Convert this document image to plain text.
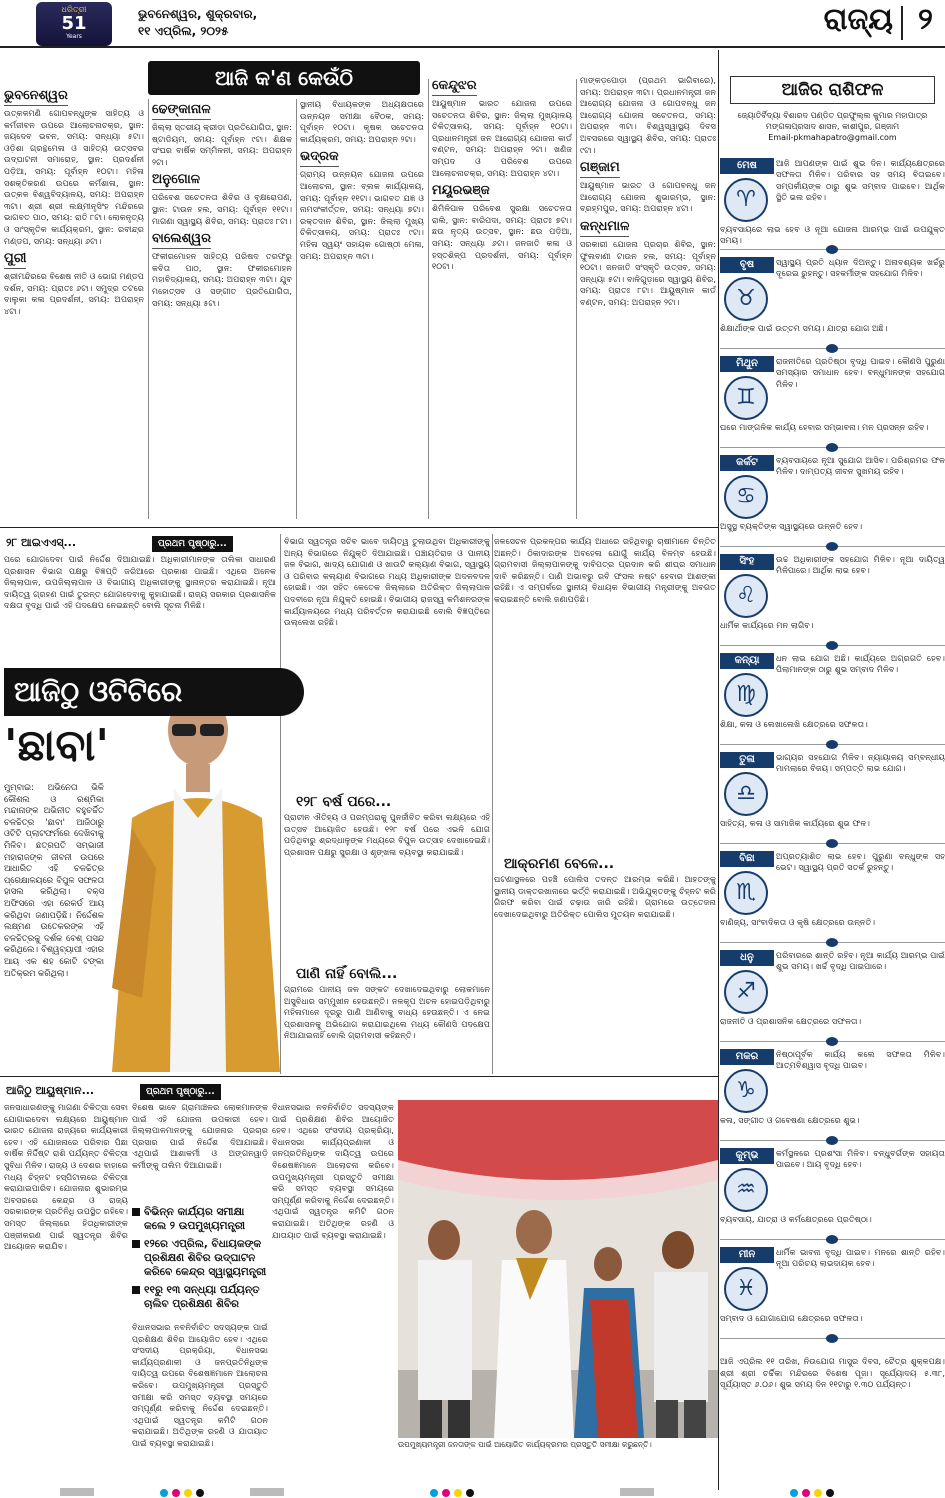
ଧରିତ୍ରୀ
51
Years
ଭୁବନେଶ୍ୱର, ଶୁକ୍ରବାର,
୧୧ ଏପ୍ରିଲ, ୨୦୨୫	ରାଜ୍ୟ ୨
ଆଜି କ'ଣ କେଉଁଠି
ଭୁବନେଶ୍ୱର

ଉତ୍କଳମଣି ଗୋପବନ୍ଧୁଙ୍କ ସାହିତ୍ୟ ଓ କର୍ମଜୀବନ ଉପରେ ଆଲୋଚନାଚକ୍ର, ସ୍ଥାନ: ଜୟଦେବ ଭବନ, ସମୟ: ସନ୍ଧ୍ୟା ୫ଟା। ଓଡ଼ିଶା ଗ୍ରନ୍ଥମେଳା ଓ ସାହିତ୍ୟ ଉତ୍ସବର ଉଦ୍‌ଘାଟନୀ ସମାରୋହ, ସ୍ଥାନ: ପ୍ରଦର୍ଶନୀ ପଡ଼ିଆ, ସମୟ: ପୂର୍ବାହ୍ନ ୧୦ଟା। ମହିଳା ସଶକ୍ତିକରଣ ଉପରେ କର୍ମଶାଳା, ସ୍ଥାନ: ଉତ୍କଳ ବିଶ୍ୱବିଦ୍ୟାଳୟ, ସମୟ: ଅପରାହ୍ନ ୩ଟା। ଶ୍ରୀ ଶ୍ରୀ ଲକ୍ଷ୍ମୀନୃସିଂହ ମନ୍ଦିରରେ ଭାଗବତ ପାଠ, ସମୟ: ରାତି ୮ଟା। ଲୋକନୃତ୍ୟ ଓ ସାଂସ୍କୃତିକ କାର୍ଯ୍ୟକ୍ରମ, ସ୍ଥାନ: ରବୀନ୍ଦ୍ର ମଣ୍ଡପ, ସମୟ: ସନ୍ଧ୍ୟା ୬ଟା।

ପୁରୀ

ଶ୍ରୀମନ୍ଦିରରେ ବିଶେଷ ନୀତି ଓ ଭୋଗ ମଣ୍ଡପ ଦର୍ଶନ, ସମୟ: ପ୍ରାତଃ ୬ଟା। ସମୁଦ୍ର ତଟରେ ବାଲୁକା କଳା ପ୍ରଦର୍ଶନୀ, ସମୟ: ଅପରାହ୍ନ ୪ଟା।

ଢେଙ୍କାନାଳ

ଜିଲ୍ଲା ସ୍ତରୀୟ କ୍ରୀଡ଼ା ପ୍ରତିଯୋଗିତା, ସ୍ଥାନ: ଷ୍ଟାଡିୟମ, ସମୟ: ପୂର୍ବାହ୍ନ ୯ଟା। ଶିକ୍ଷକ ସଂଘର ବାର୍ଷିକ ସମ୍ମିଳନୀ, ସମୟ: ଅପରାହ୍ନ ୨ଟା।

ଅନୁଗୋଳ

ପରିବେଶ ସଚେତନତା ଶିବିର ଓ ବୃକ୍ଷରୋପଣ, ସ୍ଥାନ: ଟାଉନ ହଲ, ସମୟ: ପୂର୍ବାହ୍ନ ୧୧ଟା। ମାଗଣା ସ୍ୱାସ୍ଥ୍ୟ ଶିବିର, ସମୟ: ପ୍ରାତଃ ୮ଟା।

ବାଲେଶ୍ୱର

ଫକୀରମୋହନ ସାହିତ୍ୟ ପରିଷଦ ତରଫରୁ କବିତା ପାଠ, ସ୍ଥାନ: ଫକୀରମୋହନ ମହାବିଦ୍ୟାଳୟ, ସମୟ: ଅପରାହ୍ନ ୩ଟା। ଯୁବ ମହୋତ୍ସବ ଓ ସଙ୍ଗୀତ ପ୍ରତିଯୋଗିତା, ସମୟ: ସନ୍ଧ୍ୟା ୫ଟା।

ସ୍ଥାନୀୟ ବିଧାୟକଙ୍କ ଅଧ୍ୟକ୍ଷତାରେ ଉନ୍ନୟନ ସମୀକ୍ଷା ବୈଠକ, ସମୟ: ପୂର୍ବାହ୍ନ ୧୦ଟା। କୃଷକ ସଚେତନତା କାର୍ଯ୍ୟକ୍ରମ, ସମୟ: ଅପରାହ୍ନ ୨ଟା।

ଭଦ୍ରକ

ଗ୍ରାମ୍ୟ ଉନ୍ନୟନ ଯୋଜନା ଉପରେ ଆଲୋଚନା, ସ୍ଥାନ: ବ୍ଲକ କାର୍ଯ୍ୟାଳୟ, ସମୟ: ପୂର୍ବାହ୍ନ ୧୧ଟା। ଭାଗବତ ଯଜ୍ଞ ଓ ନାମସଂକୀର୍ତ୍ତନ, ସମୟ: ସନ୍ଧ୍ୟା ୭ଟା। ରକ୍ତଦାନ ଶିବିର, ସ୍ଥାନ: ଜିଲ୍ଲା ମୁଖ୍ୟ ଚିକିତ୍ସାଳୟ, ସମୟ: ପ୍ରାତଃ ୯ଟା। ମହିଳା ସ୍ୱୟଂ ସହାୟକ ଗୋଷ୍ଠୀ ମେଳା, ସମୟ: ଅପରାହ୍ନ ୩ଟା।

କେନ୍ଦୁଝର

ଆୟୁଷ୍ମାନ ଭାରତ ଯୋଜନା ଉପରେ ସଚେତନତା ଶିବିର, ସ୍ଥାନ: ଜିଲ୍ଲା ମୁଖ୍ୟାଳୟ ଚିକିତ୍ସାଳୟ, ସମୟ: ପୂର୍ବାହ୍ନ ୧୦ଟା। ପ୍ରଧାନମନ୍ତ୍ରୀ ଜନ ଆରୋଗ୍ୟ ଯୋଜନା କାର୍ଡ ବଣ୍ଟନ, ସମୟ: ଅପରାହ୍ନ ୨ଟା। ଖଣିଜ ସମ୍ପଦ ଓ ପରିବେଶ ଉପରେ ଆଲୋଚନାଚକ୍ର, ସମୟ: ଅପରାହ୍ନ ୪ଟା।

ମୟୂରଭଞ୍ଜ

ଶିମିଳିପାଳ ପରିବେଶ ସୁରକ୍ଷା ସଚେତନତା ରାଲି, ସ୍ଥାନ: ବାରିପଦା, ସମୟ: ପ୍ରାତଃ ୭ଟା। ଛଉ ନୃତ୍ୟ ଉତ୍ସବ, ସ୍ଥାନ: ଛଉ ପଡ଼ିଆ, ସମୟ: ସନ୍ଧ୍ୟା ୬ଟା। ଜନଜାତି କଳା ଓ ହସ୍ତଶିଳ୍ପ ପ୍ରଦର୍ଶନୀ, ସମୟ: ପୂର୍ବାହ୍ନ ୧୦ଟା।

ମାଙ୍କଡ଼ପୋଡ଼ା (ପ୍ରଥମ ଭାଗିବାରେ), ସମୟ: ଅପରାହ୍ନ ୩ଟା। ପ୍ରଧାନମନ୍ତ୍ରୀ ଜନ ଆରୋଗ୍ୟ ଯୋଜନା ଓ ଗୋପବନ୍ଧୁ ଜନ ଆରୋଗ୍ୟ ଯୋଜନା ସଚେତନତା, ସମୟ: ଅପରାହ୍ନ ୩ଟା। ବିଶ୍ୱସ୍ୱାସ୍ଥ୍ୟ ଦିବସ ଅବସରରେ ସ୍ୱାସ୍ଥ୍ୟ ଶିବିର, ସମୟ: ପ୍ରାତଃ ୯ଟା।

ଗଞ୍ଜାମ

ଆୟୁଷ୍ମାନ ଭାରତ ଓ ଗୋପବନ୍ଧୁ ଜନ ଆରୋଗ୍ୟ ଯୋଜନା ଶୁଭାରମ୍ଭ, ସ୍ଥାନ: ବ୍ରହ୍ମପୁର, ସମୟ: ଅପରାହ୍ନ ୪ଟା।

କନ୍ଧମାଳ

ସରକାରୀ ଯୋଜନା ପ୍ରଚାର ଶିବିର, ସ୍ଥାନ: ଫୁଲବାଣୀ ଟାଉନ ହଲ, ସମୟ: ପୂର୍ବାହ୍ନ ୧୦ଟା। ଜନଜାତି ସଂସ୍କୃତି ଉତ୍ସବ, ସମୟ: ସନ୍ଧ୍ୟା ୫ଟା। ବାଳିଗୁଡ଼ାରେ ସ୍ୱାସ୍ଥ୍ୟ ଶିବିର, ସମୟ: ପ୍ରାତଃ ୮ଟା। ଆୟୁଷ୍ମାନ କାର୍ଡ ବଣ୍ଟନ, ସମୟ: ଅପରାହ୍ନ ୨ଟା।

୨୮ ଆଇଏଏସ୍...	ପ୍ରଥମ ପୃଷ୍ଠାରୁ...
ପରେ ଯୋଗଦେବା ପାଇଁ ନିର୍ଦ୍ଦେଶ ଦିଆଯାଇଛି। ଅଧିକାରୀମାନଙ୍କ ତାଲିକା ସାଧାରଣ ପ୍ରଶାସନ ବିଭାଗ ପକ୍ଷରୁ ବିଜ୍ଞପ୍ତି ଜରିଆରେ ପ୍ରକାଶ ପାଇଛି। ଏଥିରେ ଅନେକ ଜିଲ୍ଲାପାଳ, ଉପଜିଲ୍ଲାପାଳ ଓ ବିଭାଗୀୟ ଅଧିକାରୀଙ୍କୁ ସ୍ଥାନାନ୍ତର କରାଯାଇଛି। ନୂଆ ଦାୟିତ୍ୱ ଗ୍ରହଣ ପାଇଁ ତୁରନ୍ତ ଯୋଗଦେବାକୁ କୁହାଯାଇଛି। ରାଜ୍ୟ ସରକାର ପ୍ରଶାସନିକ ଦକ୍ଷତା ବୃଦ୍ଧି ପାଇଁ ଏହି ପଦକ୍ଷେପ ନେଇଛନ୍ତି ବୋଲି ସୂଚନା ମିଳିଛି।
ବିଭାଗ ସ୍ୱତନ୍ତ୍ର ସଚିବ ଭାବେ ଦାୟିତ୍ୱ ତୁଲାଉଥିବା ଅଧିକାରୀଙ୍କୁ ଅନ୍ୟ ବିଭାଗରେ ନିଯୁକ୍ତି ଦିଆଯାଇଛି। ପଞ୍ଚାୟତିରାଜ ଓ ପାନୀୟ ଜଳ ବିଭାଗ, ଖାଦ୍ୟ ଯୋଗାଣ ଓ ଖାଉଟି କଲ୍ୟାଣ ବିଭାଗ, ସ୍ୱାସ୍ଥ୍ୟ ଓ ପରିବାର କଲ୍ୟାଣ ବିଭାଗରେ ମଧ୍ୟ ଅଧିକାରୀଙ୍କ ଅଦଳବଦଳ ହୋଇଛି। ଏହା ସହିତ କେତେକ ଜିଲ୍ଲାରେ ଅତିରିକ୍ତ ଜିଲ୍ଲାପାଳ ପଦବୀରେ ନୂଆ ନିଯୁକ୍ତି ହୋଇଛି। ବିଭାଗୀୟ ରାଜସ୍ୱ କମିଶନରଙ୍କ କାର୍ଯ୍ୟାଳୟରେ ମଧ୍ୟ ପରିବର୍ତ୍ତନ କରାଯାଇଛି ବୋଲି ବିଜ୍ଞପ୍ତିରେ ଉଲ୍ଲେଖ ରହିଛି।
ଜଳସେଚନ ପ୍ରକଳ୍ପର କାର୍ଯ୍ୟ ଅଧାରେ ରହିଥିବାରୁ ଚାଷୀମାନେ ଚିନ୍ତିତ ଅଛନ୍ତି। ଠିକାଦାରଙ୍କ ଅବହେଳା ଯୋଗୁଁ କାର୍ଯ୍ୟ ବିଳମ୍ବ ହେଉଛି। ଗ୍ରାମବାସୀ ଜିଲ୍ଲାପାଳଙ୍କୁ ଦାବିପତ୍ର ପ୍ରଦାନ କରି ଶୀଘ୍ର ସମାଧାନ ଦାବି କରିଛନ୍ତି। ପାଣି ଅଭାବରୁ ରବି ଫସଲ ନଷ୍ଟ ହେବାର ଆଶଙ୍କା ରହିଛି। ଏ ସମ୍ପର୍କରେ ସ୍ଥାନୀୟ ବିଧାୟକ ବିଭାଗୀୟ ମନ୍ତ୍ରୀଙ୍କୁ ଅବଗତ କରାଇଛନ୍ତି ବୋଲି ଜଣାପଡ଼ିଛି।
ଆଜିଠୁ ଓଟିଟିରେ
'ଛାବା'
ମୁମ୍ବାଇ: ଅଭିନେତା ଭିକି କୌଶଲ ଓ ରଶ୍ମିକା ମନ୍ଦାନାଙ୍କ ଅଭିନୀତ ବହୁଚର୍ଚ୍ଚିତ ଚଳଚ୍ଚିତ୍ର 'ଛାବା' ଆଜିଠାରୁ ଓଟିଟି ପ୍ଲାଟଫର୍ମରେ ଦେଖିବାକୁ ମିଳିବ। ଛତ୍ରପତି ସମ୍ଭାଜୀ ମହାରାଜଙ୍କ ଜୀବନୀ ଉପରେ ଆଧାରିତ ଏହି ଚଳଚ୍ଚିତ୍ର ପ୍ରେକ୍ଷାଳୟରେ ବିପୁଳ ସଫଳତା ହାସଲ କରିଥିଲା। ବକ୍ସ ଅଫିସରେ ଏହା ରେକର୍ଡ ଆୟ କରିଥିବା ଜଣାପଡ଼ିଛି। ନିର୍ଦ୍ଦେଶକ ଲକ୍ଷ୍ମଣ ଉତେକରଙ୍କ ଏହି ଚଳଚ୍ଚିତ୍ରକୁ ଦର୍ଶକ ବେଶ୍ ପସନ୍ଦ କରିଥିଲେ। ବିଶ୍ୱବ୍ୟାପୀ ଏହାର ଆୟ ଏକ ଶହ କୋଟି ଟଙ୍କା ଅତିକ୍ରମ କରିଥିଲା।
୧୨୮ ବର୍ଷ ପରେ...
ପ୍ରାଚୀନ ଐତିହ୍ୟ ଓ ପରମ୍ପରାକୁ ପୁନର୍ଜୀବିତ କରିବା ଲକ୍ଷ୍ୟରେ ଏହି ଉତ୍ସବ ଆୟୋଜିତ ହେଉଛି। ୧୨୮ ବର୍ଷ ପରେ ଏଭଳି ଯୋଗ ପଡ଼ିଥିବାରୁ ଶ୍ରଦ୍ଧାଳୁଙ୍କ ମଧ୍ୟରେ ବିପୁଳ ଉତ୍ସାହ ଦେଖାଦେଇଛି। ପ୍ରଶାସନ ପକ୍ଷରୁ ସୁରକ୍ଷା ଓ ଶୃଙ୍ଖଳା ବ୍ୟବସ୍ଥା କରାଯାଇଛି।
ପାଣି ନାହିଁ ବୋଲି...
ଗ୍ରାମରେ ପାନୀୟ ଜଳ ସଙ୍କଟ ଦେଖାଦେଇଥିବାରୁ ଲୋକମାନେ ଅସୁବିଧାର ସମ୍ମୁଖୀନ ହେଉଛନ୍ତି। ନଳକୂପ ଅଚଳ ହୋଇପଡ଼ିଥିବାରୁ ମହିଳାମାନେ ଦୂରରୁ ପାଣି ଆଣିବାକୁ ବାଧ୍ୟ ହେଉଛନ୍ତି। ଏ ନେଇ ପ୍ରଶାସନକୁ ଅଭିଯୋଗ କରାଯାଇଥିଲେ ମଧ୍ୟ କୌଣସି ପଦକ୍ଷେପ ନିଆଯାଇନାହିଁ ବୋଲି ଗ୍ରାମବାସୀ କହିଛନ୍ତି।
ଆକ୍ରମଣ ବେଳେ...
ଘଟଣାସ୍ଥଳରେ ପହଞ୍ଚି ପୋଲିସ ତଦନ୍ତ ଆରମ୍ଭ କରିଛି। ଆହତଙ୍କୁ ସ୍ଥାନୀୟ ଡାକ୍ତରଖାନାରେ ଭର୍ତ୍ତି କରାଯାଇଛି। ଅଭିଯୁକ୍ତଙ୍କୁ ଚିହ୍ନଟ କରି ଗିରଫ କରିବା ପାଇଁ ଚଢ଼ାଉ ଜାରି ରହିଛି। ଗ୍ରାମରେ ଉତ୍ତେଜନା ଦେଖାଦେଇଥିବାରୁ ଅତିରିକ୍ତ ପୋଲିସ ମୁତୟନ କରାଯାଇଛି।
ଆଜିଠୁ ଆୟୁଷ୍ମାନ...	ପ୍ରଥମ ପୃଷ୍ଠାରୁ...
ଜନସାଧାରଣଙ୍କୁ ମାଗଣା ଚିକିତ୍ସା ସେବା ଯୋଗାଇଦେବା ଲକ୍ଷ୍ୟରେ ଆୟୁଷ୍ମାନ ଭାରତ ଯୋଜନା ରାଜ୍ୟରେ କାର୍ଯ୍ୟକାରୀ ହେବ। ଏହି ଯୋଜନାରେ ପରିବାର ପିଛା ବାର୍ଷିକ ନିର୍ଦ୍ଦିଷ୍ଟ ରାଶି ପର୍ଯ୍ୟନ୍ତ ଚିକିତ୍ସା ସୁବିଧା ମିଳିବ। ରାଜ୍ୟ ଓ ଦେଶର ବାହାରେ ମଧ୍ୟ ଚିହ୍ନଟ ହସ୍ପିଟାଲରେ ଚିକିତ୍ସା କରାଯାଇପାରିବ। ଯୋଜନାର ଶୁଭାରମ୍ଭ ଅବସରରେ କେନ୍ଦ୍ର ଓ ରାଜ୍ୟ ସରକାରଙ୍କ ପ୍ରତିନିଧି ଉପସ୍ଥିତ ରହିବେ। ସମସ୍ତ ଜିଲ୍ଲାରେ ହିତାଧିକାରୀଙ୍କ ପଞ୍ଜୀକରଣ ପାଇଁ ସ୍ୱତନ୍ତ୍ର ଶିବିର ଆୟୋଜନ କରାଯିବ।
ବିଶେଷ ଭାବେ ଗ୍ରାମାଞ୍ଚଳର ଲୋକମାନଙ୍କ ପାଇଁ ଏହି ଯୋଜନା ଉପକାରୀ ହେବ। ଜିଲ୍ଲାପାଳମାନଙ୍କୁ ଯୋଜନାର ପ୍ରଚାର ପ୍ରସାର ପାଇଁ ନିର୍ଦ୍ଦେଶ ଦିଆଯାଇଛି। ଏଥିପାଇଁ ଆଶାକର୍ମୀ ଓ ଅଙ୍ଗନୱାଡ଼ି କର୍ମୀଙ୍କୁ ତାଲିମ ଦିଆଯାଇଛି।
ବିଭିନ୍ନ କାର୍ଯ୍ୟର ସମୀକ୍ଷା କଲେ ୨ ଉପମୁଖ୍ୟମନ୍ତ୍ରୀ
୧୨ରେ ଏପ୍ରିଲ, ବିଧାୟକଙ୍କ ପ୍ରଶିକ୍ଷଣ ଶିବିର ଉଦ୍‌ଘାଟନ କରିବେ କେନ୍ଦ୍ର ସ୍ୱାସ୍ଥ୍ୟମନ୍ତ୍ରୀ
୧୧ରୁ ୧୩ ସନ୍ଧ୍ୟା ପର୍ଯ୍ୟନ୍ତ ଚାଲିବ ପ୍ରଶିକ୍ଷଣ ଶିବିର
ବିଧାନସଭାର ନବନିର୍ବାଚିତ ସଦସ୍ୟଙ୍କ ପାଇଁ ପ୍ରଶିକ୍ଷଣ ଶିବିର ଆୟୋଜିତ ହେବ। ଏଥିରେ ସଂସଦୀୟ ପ୍ରକ୍ରିୟା, ବିଧାନସଭା କାର୍ଯ୍ୟପ୍ରଣାଳୀ ଓ ଜନପ୍ରତିନିଧିଙ୍କ ଦାୟିତ୍ୱ ଉପରେ ବିଶେଷଜ୍ଞମାନେ ଆଲୋଚନା କରିବେ। ଉପମୁଖ୍ୟମନ୍ତ୍ରୀ ପ୍ରସ୍ତୁତି ସମୀକ୍ଷା କରି ସମସ୍ତ ବ୍ୟବସ୍ଥା ସମୟରେ ସମ୍ପୂର୍ଣ୍ଣ କରିବାକୁ ନିର୍ଦ୍ଦେଶ ଦେଇଛନ୍ତି। ଏଥିପାଇଁ ସ୍ୱତନ୍ତ୍ର କମିଟି ଗଠନ କରାଯାଇଛି। ଅତିଥିଙ୍କ ରହଣି ଓ ଯାତାୟାତ ପାଇଁ ବ୍ୟବସ୍ଥା କରାଯାଇଛି।
ବିଧାନସଭାର ନବନିର୍ବାଚିତ ସଦସ୍ୟଙ୍କ ପାଇଁ ପ୍ରଶିକ୍ଷଣ ଶିବିର ଆୟୋଜିତ ହେବ। ଏଥିରେ ସଂସଦୀୟ ପ୍ରକ୍ରିୟା, ବିଧାନସଭା କାର୍ଯ୍ୟପ୍ରଣାଳୀ ଓ ଜନପ୍ରତିନିଧିଙ୍କ ଦାୟିତ୍ୱ ଉପରେ ବିଶେଷଜ୍ଞମାନେ ଆଲୋଚନା କରିବେ। ଉପମୁଖ୍ୟମନ୍ତ୍ରୀ ପ୍ରସ୍ତୁତି ସମୀକ୍ଷା କରି ସମସ୍ତ ବ୍ୟବସ୍ଥା ସମୟରେ ସମ୍ପୂର୍ଣ୍ଣ କରିବାକୁ ନିର୍ଦ୍ଦେଶ ଦେଇଛନ୍ତି। ଏଥିପାଇଁ ସ୍ୱତନ୍ତ୍ର କମିଟି ଗଠନ କରାଯାଇଛି। ଅତିଥିଙ୍କ ରହଣି ଓ ଯାତାୟାତ ପାଇଁ ବ୍ୟବସ୍ଥା କରାଯାଇଛି।
ଉପମୁଖ୍ୟମନ୍ତ୍ରୀ ଜନତାଙ୍କ ପାଇଁ ଆୟୋଜିତ କାର୍ଯ୍ୟକ୍ରମର ପ୍ରସ୍ତୁତି ସମୀକ୍ଷା କରୁଛନ୍ତି।
ଆଜିର ରାଶିଫଳ
ଜ୍ୟୋତିର୍ବିଦ୍ୟା ବିଶାରଦ ପଣ୍ଡିତ ପ୍ରଫୁଲ୍ଲ କୁମାର ମହାପାତ୍ର
ମଙ୍ଗଳାପ୍ରସାଦ ଶାସନ, କାଶୀପୁର, ଗଞ୍ଜାମ
Email-pkmahapatro@gmail.com
ମେଷ
♈
ଆଜି ଆପଣଙ୍କ ପାଇଁ ଶୁଭ ଦିନ। କାର୍ଯ୍ୟକ୍ଷେତ୍ରରେ ସଫଳତା ମିଳିବ। ପରିବାର ସହ ସମୟ ବିତାଇବେ। ସମ୍ପର୍କୀୟଙ୍କ ଠାରୁ ଶୁଭ ସମ୍ବାଦ ପାଇବେ। ଆର୍ଥିକ ସ୍ଥିତି ଭଲ ରହିବ।
ବ୍ୟବସାୟରେ ଲାଭ ହେବ ଓ ନୂଆ ଯୋଜନା ଆରମ୍ଭ ପାଇଁ ଉପଯୁକ୍ତ ସମୟ।
ବୃଷ
♉
ସ୍ୱାସ୍ଥ୍ୟ ପ୍ରତି ଧ୍ୟାନ ଦିଅନ୍ତୁ। ଅନାବଶ୍ୟକ ଖର୍ଚ୍ଚରୁ ଦୂରେଇ ରୁହନ୍ତୁ। ସହକର୍ମୀଙ୍କ ସହଯୋଗ ମିଳିବ।
ଶିକ୍ଷାର୍ଥୀଙ୍କ ପାଇଁ ଉତ୍ତମ ସମୟ। ଯାତ୍ରା ଯୋଗ ଅଛି।
ମିଥୁନ
♊
ରାଜନୀତିରେ ପ୍ରତିଷ୍ଠା ବୃଦ୍ଧି ପାଇବ। କୌଣସି ପୁରୁଣା ସମସ୍ୟାର ସମାଧାନ ହେବ। ବନ୍ଧୁମାନଙ୍କ ସହଯୋଗ ମିଳିବ।
ଘରେ ମାଙ୍ଗଳିକ କାର୍ଯ୍ୟ ହେବାର ସମ୍ଭାବନା। ମନ ପ୍ରସନ୍ନ ରହିବ।
କର୍କଟ
♋
ବ୍ୟବସାୟରେ ନୂଆ ସୁଯୋଗ ଆସିବ। ପରିଶ୍ରମର ଫଳ ମିଳିବ। ଦାମ୍ପତ୍ୟ ଜୀବନ ସୁଖମୟ ରହିବ।
ଅସୁସ୍ଥ ବ୍ୟକ୍ତିଙ୍କ ସ୍ୱାସ୍ଥ୍ୟରେ ଉନ୍ନତି ହେବ।
ସିଂହ
♌
ଉଚ୍ଚ ଅଧିକାରୀଙ୍କ ସହଯୋଗ ମିଳିବ। ନୂଆ ଦାୟିତ୍ୱ ମିଳିପାରେ। ଆର୍ଥିକ ଲାଭ ହେବ।
ଧାର୍ମିକ କାର୍ଯ୍ୟରେ ମନ ଲାଗିବ।
କନ୍ୟା
♍
ଧନ ଲାଭ ଯୋଗ ଅଛି। କାର୍ଯ୍ୟରେ ଅଗ୍ରଗତି ହେବ। ପିଲାମାନଙ୍କ ଠାରୁ ଶୁଭ ସମ୍ବାଦ ମିଳିବ।
ଶିକ୍ଷା, କଳା ଓ ଲେଖାଲେଖି କ୍ଷେତ୍ରରେ ସଫଳତା।
ତୁଳା
♎
ଭାଗ୍ୟର ସହଯୋଗ ମିଳିବ। ନ୍ୟାୟାଳୟ ସମ୍ବନ୍ଧୀୟ ମାମଲାରେ ବିଜୟ। ସମ୍ପତ୍ତି ଲାଭ ଯୋଗ।
ସାହିତ୍ୟ, କଳା ଓ ସାମାଜିକ କାର୍ଯ୍ୟରେ ଶୁଭ ଫଳ।
ବିଛା
♏
ଅପ୍ରତ୍ୟାଶିତ ଲାଭ ହେବ। ପୁରୁଣା ବନ୍ଧୁଙ୍କ ସହ ଭେଟ। ସ୍ୱାସ୍ଥ୍ୟ ପ୍ରତି ସତର୍କ ରୁହନ୍ତୁ।
ବାଣିଜ୍ୟ, ସାଂବାଦିକତା ଓ କୃଷି କ୍ଷେତ୍ରରେ ଉନ୍ନତି।
ଧନୁ
♐
ପରିବାରରେ ଶାନ୍ତି ରହିବ। ନୂଆ କାର୍ଯ୍ୟ ଆରମ୍ଭ ପାଇଁ ଶୁଭ ସମୟ। ଖର୍ଚ୍ଚ ବୃଦ୍ଧି ପାଇପାରେ।
ରାଜନୀତି ଓ ପ୍ରଶାସନିକ କ୍ଷେତ୍ରରେ ସଫଳତା।
ମକର
♑
ନିଷ୍ଠାପୂର୍ବକ କାର୍ଯ୍ୟ କଲେ ସଫଳତା ମିଳିବ। ଆତ୍ମବିଶ୍ୱାସ ବୃଦ୍ଧି ପାଇବ।
କଳା, ସଙ୍ଗୀତ ଓ ଗବେଷଣା କ୍ଷେତ୍ରରେ ଶୁଭ।
କୁମ୍ଭ
♒
କର୍ମସ୍ଥଳରେ ପ୍ରଶଂସା ମିଳିବ। ବନ୍ଧୁବର୍ଗଙ୍କ ସହାୟତା ପାଇବେ। ଆୟ ବୃଦ୍ଧି ହେବ।
ବ୍ୟବସାୟ, ଯାତ୍ରା ଓ କର୍ମକ୍ଷେତ୍ରରେ ପ୍ରତିଷ୍ଠା।
ମୀନ
♓
ଧାର୍ମିକ ଭାବନା ବୃଦ୍ଧି ପାଇବ। ମନରେ ଶାନ୍ତି ରହିବ। ନୂଆ ପରିଚୟ ଲାଭଦାୟକ ହେବ।
ସମ୍ବାଦ ଓ ଯୋଗାଯୋଗ କ୍ଷେତ୍ରରେ ସଫଳତା।
ଆଜି ଏପ୍ରିଲ ୧୧ ତାରିଖ, ନିଉଯୋଗ ମାସୁର ଦିବସ, ଚୈତ୍ର ଶୁକ୍ଳପକ୍ଷ। ଶ୍ରୀ ଶ୍ରୀ ଚର୍ଚ୍ଚିକା ମନ୍ଦିରରେ ବିଶେଷ ପୂଜା। ସୂର୍ଯ୍ୟୋଦୟ ୫.୩୮, ସୂର୍ଯ୍ୟାସ୍ତ ୬.୦୬। ଶୁଭ ସମୟ ଦିନ ୧୧ଟାରୁ ୧.୩୦ ପର୍ଯ୍ୟନ୍ତ।
